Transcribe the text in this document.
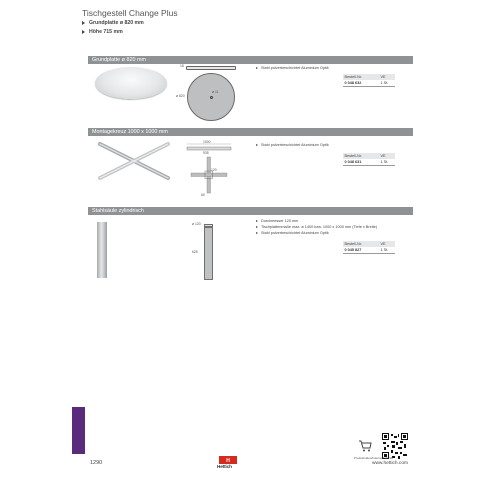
Tischgestell Change Plus
Grundplatte ø 820 mm
Höhe 715 mm
Grundplatte ø 820 mm
18
ø 820
ø 11
Stahl pulverbeschichtet Aluminium Optik
Bestell-Nr.	VE
0 048 632	1 St.
Montagekreuz 1000 x 1000 mm
1000
935
120
60
Stahl pulverbeschichtet Aluminium Optik
Bestell-Nr.	VE
0 048 631	1 St.
Stahlsäule zylindrisch
ø 120
625
Durchmesser 120 mm
Tischplattenmaße max. ø 1400 bzw. 1000 x 1000 mm (Tiefe x Breite)
Stahl pulverbeschichtet Aluminium Optik
Bestell-Nr.	VE
0 045 827	1 St.
Produktvideo/Internet/Info/3D
1290	H
Hettich
www.hettich.com
